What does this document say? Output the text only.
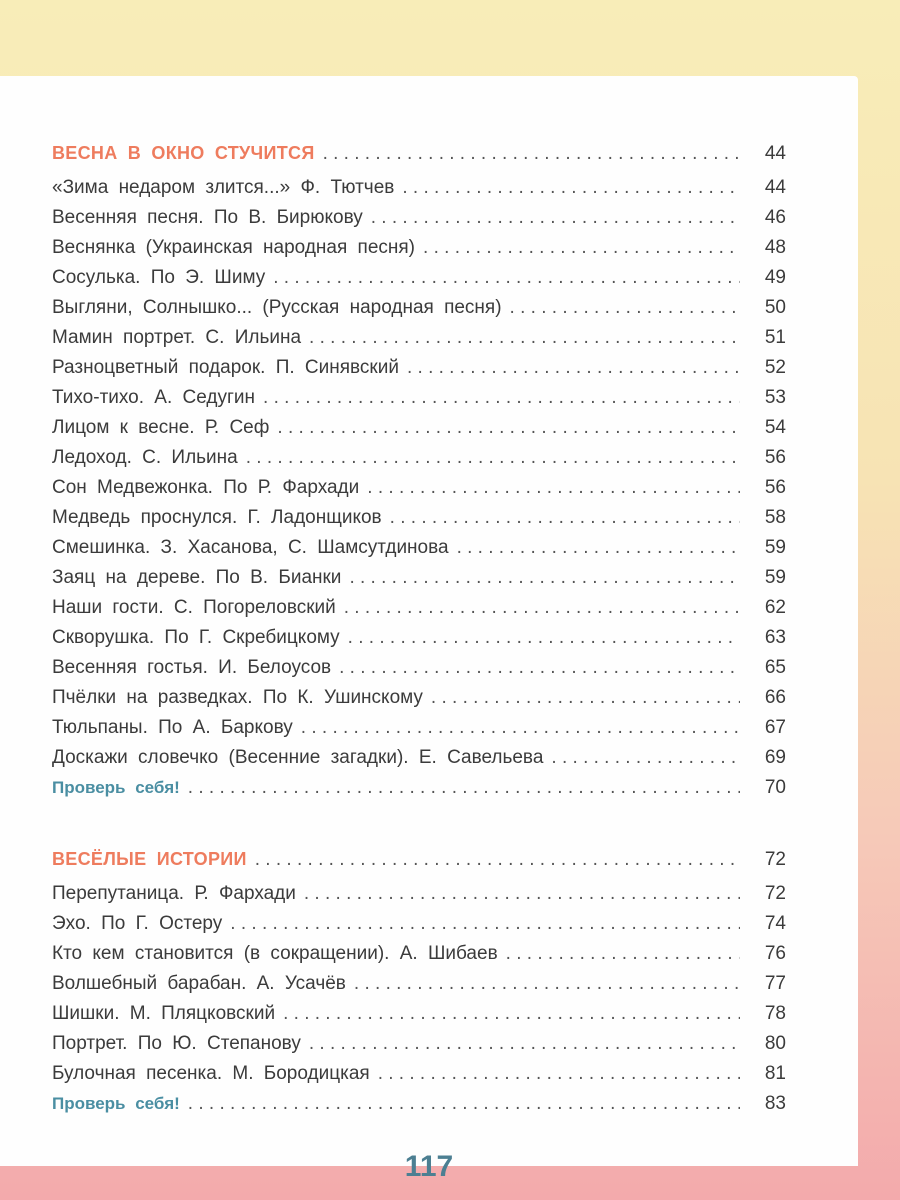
ВЕСНА В ОКНО СТУЧИТСЯ . . .	44
«Зима недаром злится...» Ф. Тютчев . . .	44
Весенняя песня. По В. Бирюкову . . .	46
Веснянка (Украинская народная песня) . . .	48
Сосулька. По Э. Шиму . . .	49
Выгляни, Солнышко... (Русская народная песня) . . .	50
Мамин портрет. С. Ильина . . .	51
Разноцветный подарок. П. Синявский . . .	52
Тихо-тихо. А. Седугин . . .	53
Лицом к весне. Р. Сеф . . .	54
Ледоход. С. Ильина . . .	56
Сон Медвежонка. По Р. Фархади . . .	56
Медведь проснулся. Г. Ладонщиков . . .	58
Смешинка. З. Хасанова, С. Шамсутдинова . . .	59
Заяц на дереве. По В. Бианки . . .	59
Наши гости. С. Погореловский . . .	62
Скворушка. По Г. Скребицкому . . .	63
Весенняя гостья. И. Белоусов . . .	65
Пчёлки на разведках. По К. Ушинскому . . .	66
Тюльпаны. По А. Баркову . . .	67
Доскажи словечко (Весенние загадки). Е. Савельева . . .	69
Проверь себя! . . .	70
ВЕСЁЛЫЕ ИСТОРИИ . . .	72
Перепутаница. Р. Фархади . . .	72
Эхо. По Г. Остеру . . .	74
Кто кем становится (в сокращении). А. Шибаев . . .	76
Волшебный барабан. А. Усачёв . . .	77
Шишки. М. Пляцковский . . .	78
Портрет. По Ю. Степанову . . .	80
Булочная песенка. М. Бородицкая . . .	81
Проверь себя! . . .	83
117
